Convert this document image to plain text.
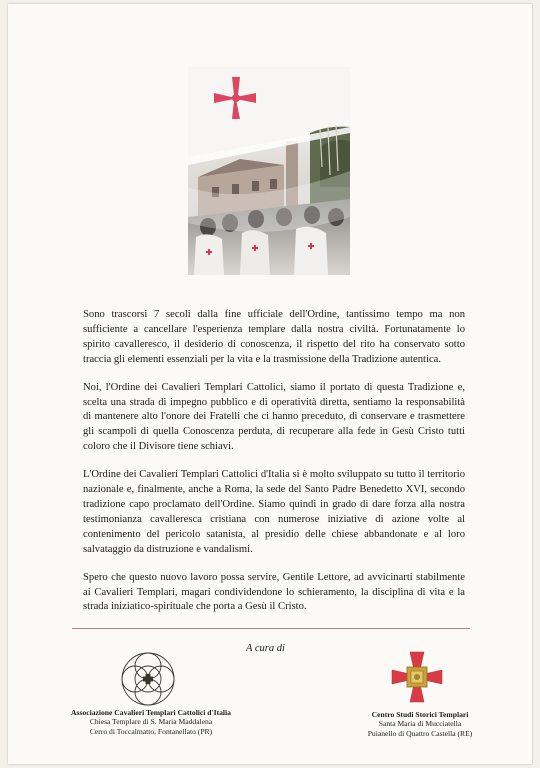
Sono trascorsi 7 secoli dalla fine ufficiale dell'Ordine, tantissimo tempo ma non sufficiente a cancellare l'esperienza templare dalla nostra civiltà. Fortunatamente lo spirito cavalleresco, il desiderio di conoscenza, il rispetto del rito ha conservato sotto traccia gli elementi essenziali per la vita e la trasmissione della Tradizione autentica.

Noi, l'Ordine dei Cavalieri Templari Cattolici, siamo il portato di questa Tradizione e, scelta una strada di impegno pubblico e di operatività diretta, sentiamo la responsabilità di mantenere alto l'onore dei Fratelli che ci hanno preceduto, di conservare e trasmettere gli scampoli di quella Conoscenza perduta, di recuperare alla fede in Gesù Cristo tutti coloro che il Divisore tiene schiavi.

L'Ordine dei Cavalieri Templari Cattolici d'Italia si è molto sviluppato su tutto il territorio nazionale e, finalmente, anche a Roma, la sede del Santo Padre Benedetto XVI, secondo tradizione capo proclamato dell'Ordine. Siamo quindi in grado di dare forza alla nostra testimonianza cavalleresca cristiana con numerose iniziative di azione volte al contenimento del pericolo satanista, al presidio delle chiese abbandonate e al loro salvataggio da distruzione e vandalismi.

Spero che questo nuovo lavoro possa servire, Gentile Lettore, ad avvicinarti stabilmente ai Cavalieri Templari, magari condividendone lo schieramento, la disciplina di vita e la strada iniziatico-spirituale che porta a Gesù il Cristo.

A cura di
Associazione Cavalieri Templari Cattolici d'Italia
Chiesa Templare di S. Maria Maddalena
Cerro di Toccalmatto, Fontanellato (PR)
Centro Studi Storici Templari
Santa Maria di Mucciatella
Puianello di Quattro Castella (RE)
